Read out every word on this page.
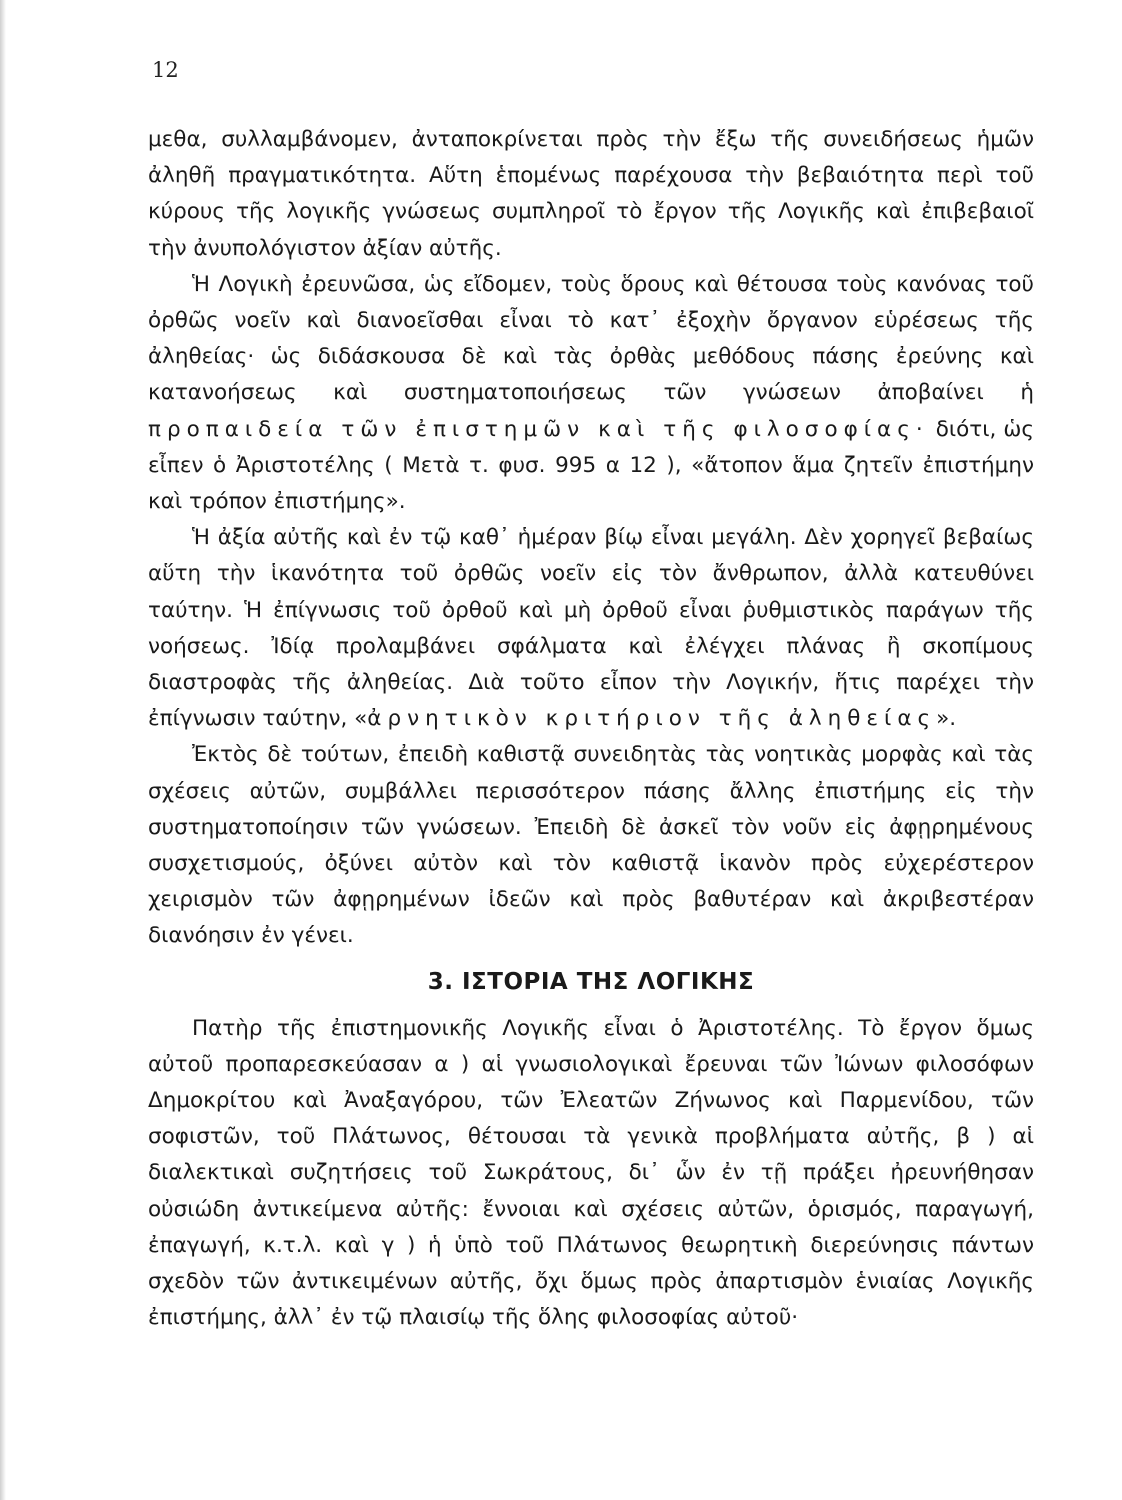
12

μεθα, συλλαμβάνομεν, ἀνταποκρίνεται πρὸς τὴν ἔξω τῆς συνειδήσεως ἡμῶν ἀληθῆ πραγματικότητα. Αὕτη ἑπομένως παρέχουσα τὴν βεβαιότητα περὶ τοῦ κύρους τῆς λογικῆς γνώσεως συμπληροῖ τὸ ἔργον τῆς Λογικῆς καὶ ἐπιβεβαιοῖ τὴν ἀνυπολόγιστον ἀξίαν αὐτῆς.

Ἡ Λογικὴ ἐρευνῶσα, ὡς εἴδομεν, τοὺς ὅρους καὶ θέτουσα τοὺς κανόνας τοῦ ὀρθῶς νοεῖν καὶ διανοεῖσθαι εἶναι τὸ κατ᾽ ἐξοχὴν ὄργανον εὑρέσεως τῆς ἀληθείας· ὡς διδάσκουσα δὲ καὶ τὰς ὀρθὰς μεθόδους πάσης ἐρεύνης καὶ κατανοήσεως καὶ συστηματοποιήσεως τῶν γνώσεων ἀποβαίνει ἡ προπαιδεία τῶν ἐπιστημῶν καὶ τῆς φιλοσοφίας· διότι, ὡς εἶπεν ὁ Ἀριστοτέλης ( Μετὰ τ. φυσ. 995 α 12 ), «ἄτοπον ἅμα ζητεῖν ἐπιστήμην καὶ τρόπον ἐπιστήμης».

Ἡ ἀξία αὐτῆς καὶ ἐν τῷ καθ᾽ ἡμέραν βίῳ εἶναι μεγάλη. Δὲν χορηγεῖ βεβαίως αὕτη τὴν ἱκανότητα τοῦ ὀρθῶς νοεῖν εἰς τὸν ἄνθρωπον, ἀλλὰ κατευθύνει ταύτην. Ἡ ἐπίγνωσις τοῦ ὀρθοῦ καὶ μὴ ὀρθοῦ εἶναι ῥυθμιστικὸς παράγων τῆς νοήσεως. Ἰδίᾳ προλαμβάνει σφάλματα καὶ ἐλέγχει πλάνας ἢ σκοπίμους διαστροφὰς τῆς ἀληθείας. Διὰ τοῦτο εἶπον τὴν Λογικήν, ἥτις παρέχει τὴν ἐπίγνωσιν ταύτην, «ἀρνητικὸν κριτήριον τῆς ἀληθείας».

Ἐκτὸς δὲ τούτων, ἐπειδὴ καθιστᾷ συνειδητὰς τὰς νοητικὰς μορφὰς καὶ τὰς σχέσεις αὐτῶν, συμβάλλει περισσότερον πάσης ἄλλης ἐπιστήμης εἰς τὴν συστηματοποίησιν τῶν γνώσεων. Ἐπειδὴ δὲ ἀσκεῖ τὸν νοῦν εἰς ἀφῃρημένους συσχετισμούς, ὀξύνει αὐτὸν καὶ τὸν καθιστᾷ ἱκανὸν πρὸς εὐχερέστερον χειρισμὸν τῶν ἀφῃρημένων ἰδεῶν καὶ πρὸς βαθυτέραν καὶ ἀκριβεστέραν διανόησιν ἐν γένει.

3. ΙΣΤΟΡΙΑ ΤΗΣ ΛΟΓΙΚΗΣ

Πατὴρ τῆς ἐπιστημονικῆς Λογικῆς εἶναι ὁ Ἀριστοτέλης. Τὸ ἔργον ὅμως αὐτοῦ προπαρεσκεύασαν α ) αἱ γνωσιολογικαὶ ἔρευναι τῶν Ἰώνων φιλοσόφων Δημοκρίτου καὶ Ἀναξαγόρου, τῶν Ἐλεατῶν Ζήνωνος καὶ Παρμενίδου, τῶν σοφιστῶν, τοῦ Πλάτωνος, θέτουσαι τὰ γενικὰ προβλήματα αὐτῆς, β ) αἱ διαλεκτικαὶ συζητήσεις τοῦ Σωκράτους, δι᾽ ὧν ἐν τῇ πράξει ἠρευνήθησαν οὐσιώδη ἀντικείμενα αὐτῆς: ἔννοιαι καὶ σχέσεις αὐτῶν, ὁρισμός, παραγωγή, ἐπαγωγή, κ.τ.λ. καὶ γ ) ἡ ὑπὸ τοῦ Πλάτωνος θεωρητικὴ διερεύνησις πάντων σχεδὸν τῶν ἀντικειμένων αὐτῆς, ὄχι ὅμως πρὸς ἀπαρτισμὸν ἑνιαίας Λογικῆς ἐπιστήμης, ἀλλ᾽ ἐν τῷ πλαισίῳ τῆς ὅλης φιλοσοφίας αὐτοῦ·
